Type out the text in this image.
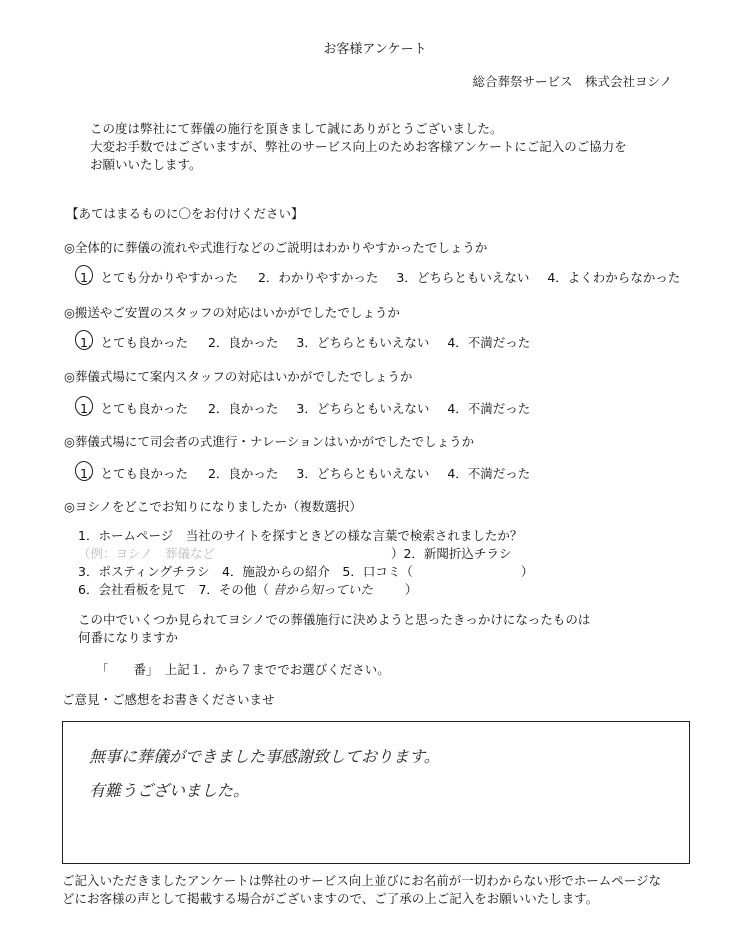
お客様アンケート
総合葬祭サービス　株式会社ヨシノ
この度は弊社にて葬儀の施行を頂きまして誠にありがとうございました。
大変お手数ではございますが、弊社のサービス向上のためお客様アンケートにご記入のご協力を
お願いいたします。
【あてはまるものに〇をお付けください】
◎全体的に葬儀の流れや式進行などのご説明はわかりやすかったでしょうか
1．とても分かりやすかった 2．わかりやすかった 3．どちらともいえない 4．よくわからなかった
◎搬送やご安置のスタッフの対応はいかがでしたでしょうか
1．とても良かった 2．良かった 3．どちらともいえない 4．不満だった
◎葬儀式場にて案内スタッフの対応はいかがでしたでしょうか
1．とても良かった 2．良かった 3．どちらともいえない 4．不満だった
◎葬儀式場にて司会者の式進行・ナレーションはいかがでしたでしょうか
1．とても良かった 2．良かった 3．どちらともいえない 4．不満だった
◎ヨシノをどこでお知りになりましたか（複数選択）
1．ホームページ　当社のサイトを探すときどの様な言葉で検索されましたか？
（例：ヨシノ　葬儀など	）2．新聞折込チラシ
3．ポスティングチラシ　4．施設からの紹介　5．口コミ（	）
6．会社看板を見て　7．その他（ 昔から知っていた	）
この中でいくつか見られてヨシノでの葬儀施行に決めようと思ったきっかけになったものは
何番になりますか
「　　番」　上記１．から７まででお選びください。
ご意見・ご感想をお書きくださいませ
無事に葬儀ができました事感謝致しております。
有難うございました。
ご記入いただきましたアンケートは弊社のサービス向上並びにお名前が一切わからない形でホームページな
どにお客様の声として掲載する場合がございますので、ご了承の上ご記入をお願いいたします。
